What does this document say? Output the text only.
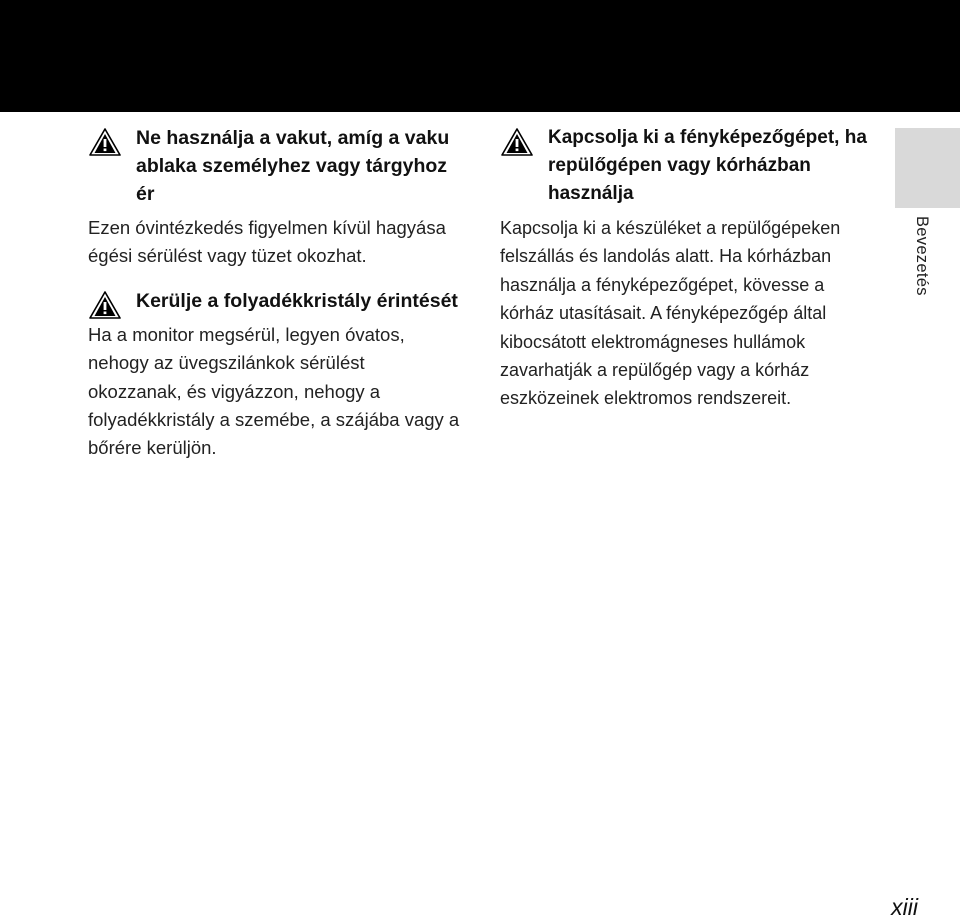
Ne használja a vakut, amíg a vaku ablaka személyhez vagy tárgyhoz ér
Ezen óvintézkedés figyelmen kívül hagyása égési sérülést vagy tüzet okozhat.
Kerülje a folyadékkristály érintését
Ha a monitor megsérül, legyen óvatos, nehogy az üvegszilánkok sérülést okozzanak, és vigyázzon, nehogy a folyadékkristály a szemébe, a szájába vagy a bőrére kerüljön.
Kapcsolja ki a fényképezőgépet, ha repülőgépen vagy kórházban használja
Kapcsolja ki a készüléket a repülőgépeken felszállás és landolás alatt. Ha kórházban használja a fényképezőgépet, kövesse a kórház utasításait. A fényképezőgép által kibocsátott elektromágneses hullámok zavarhatják a repülőgép vagy a kórház eszközeinek elektromos rendszereit.
Bevezetés
xiii
